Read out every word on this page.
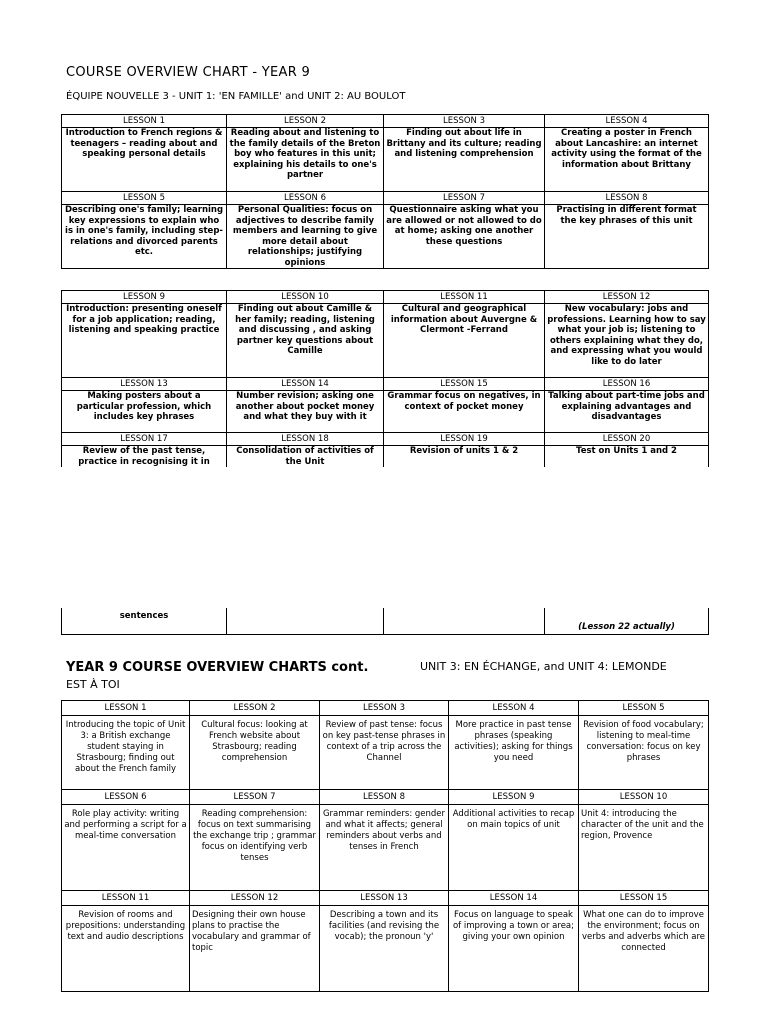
COURSE OVERVIEW CHART - YEAR 9
ÉQUIPE NOUVELLE 3 - UNIT 1: 'EN FAMILLE' and UNIT 2: AU BOULOT
LESSON 1	LESSON 2	LESSON 3	LESSON 4
Introduction to French regions & teenagers – reading about and speaking personal details	Reading about and listening to the family details of the Breton boy who features in this unit; explaining his details to one's partner	Finding out about life in Brittany and its culture; reading and listening comprehension	Creating a poster in French about Lancashire: an internet activity using the format of the information about Brittany
LESSON 5	LESSON 6	LESSON 7	LESSON 8
Describing one's family; learning key expressions to explain who is in one's family, including step-relations and divorced parents etc.	Personal Qualities: focus on adjectives to describe family members and learning to give more detail about relationships; justifying opinions	Questionnaire asking what you are allowed or not allowed to do at home; asking one another these questions	Practising in different format the key phrases of this unit
LESSON 9	LESSON 10	LESSON 11	LESSON 12
Introduction: presenting oneself for a job application; reading, listening and speaking practice	Finding out about Camille & her family; reading, listening and discussing , and asking partner key questions about Camille	Cultural and geographical information about Auvergne & Clermont -Ferrand	New vocabulary: jobs and professions. Learning how to say what your job is; listening to others explaining what they do, and expressing what you would like to do later
LESSON 13	LESSON 14	LESSON 15	LESSON 16
Making posters about a particular profession, which includes key phrases	Number revision; asking one another about pocket money and what they buy with it	Grammar focus on negatives, in context of pocket money	Talking about part-time jobs and explaining advantages and disadvantages
LESSON 17	LESSON 18	LESSON 19	LESSON 20
Review of the past tense, practice in recognising it in	Consolidation of activities of the Unit	Revision of units 1 & 2	Test on Units 1 and 2
sentences			(Lesson 22 actually)
YEAR 9 COURSE OVERVIEW CHARTS cont.	UNIT 3: EN ÉCHANGE, and UNIT 4: LEMONDE
EST À TOI
LESSON 1	LESSON 2	LESSON 3	LESSON 4	LESSON 5
Introducing the topic of Unit 3: a British exchange student staying in Strasbourg; finding out about the French family	Cultural focus: looking at French website about Strasbourg; reading comprehension	Review of past tense: focus on key past-tense phrases in context of a trip across the Channel	More practice in past tense phrases (speaking activities); asking for things you need	Revision of food vocabulary; listening to meal-time conversation: focus on key phrases
LESSON 6	LESSON 7	LESSON 8	LESSON 9	LESSON 10
Role play activity: writing and performing a script for a meal-time conversation	Reading comprehension: focus on text summarising the exchange trip ; grammar focus on identifying verb tenses	Grammar reminders: gender and what it affects; general reminders about verbs and tenses in French	Additional activities to recap on main topics of unit	Unit 4: introducing the character of the unit and the region, Provence
LESSON 11	LESSON 12	LESSON 13	LESSON 14	LESSON 15
Revision of rooms and prepositions: understanding text and audio descriptions	Designing their own house plans to practise the vocabulary and grammar of topic	Describing a town and its facilities (and revising the vocab); the pronoun 'y'	Focus on language to speak of improving a town or area; giving your own opinion	What one can do to improve the environment; focus on verbs and adverbs which are connected
